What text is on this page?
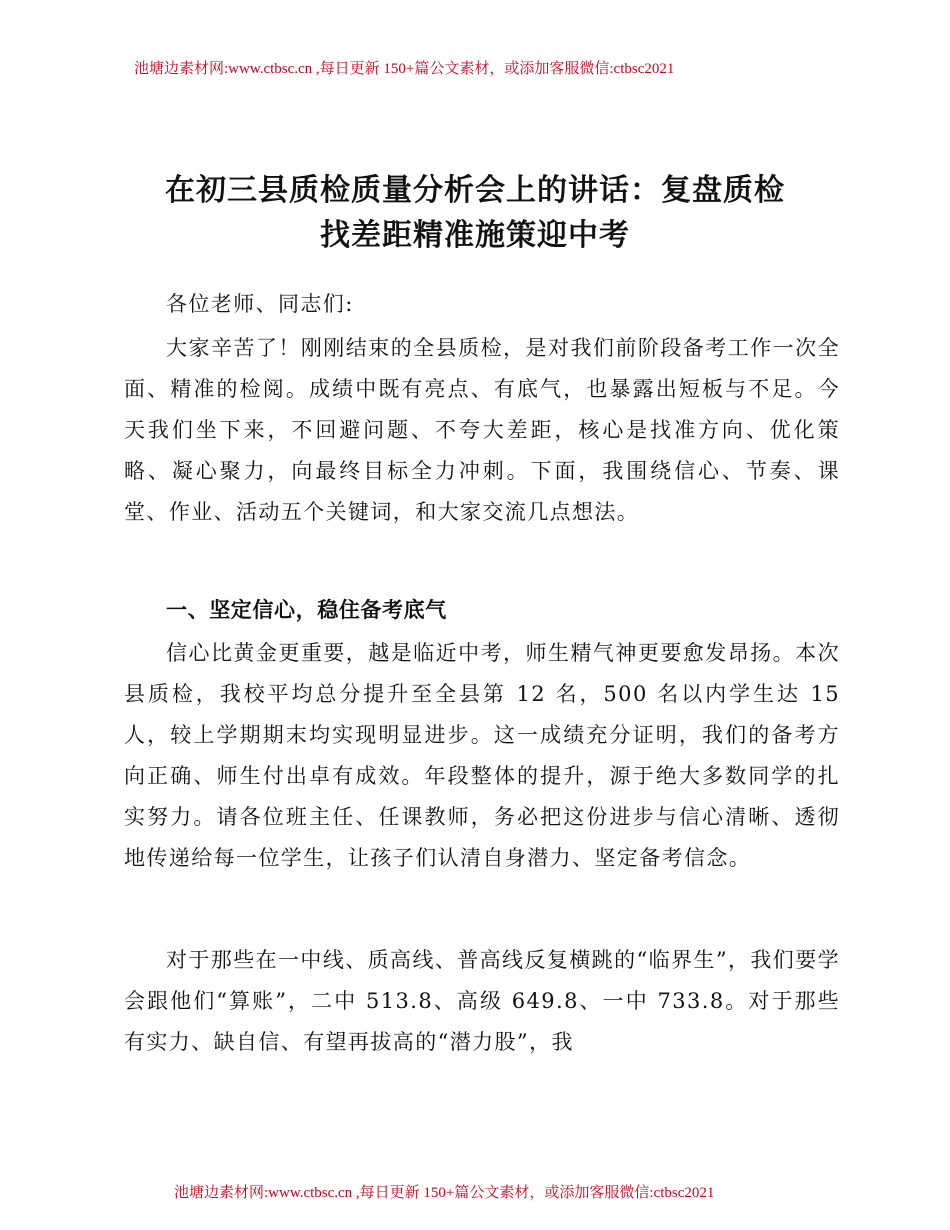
池塘边素材网:www.ctbsc.cn ,每日更新 150+篇公文素材，或添加客服微信:ctbsc2021
在初三县质检质量分析会上的讲话：复盘质检
找差距精准施策迎中考

各位老师、同志们:

大家辛苦了！刚刚结束的全县质检，是对我们前阶段备考工作一次全面、精准的检阅。成绩中既有亮点、有底气，也暴露出短板与不足。今天我们坐下来，不回避问题、不夸大差距，核心是找准方向、优化策略、凝心聚力，向最终目标全力冲刺。下面，我围绕信心、节奏、课堂、作业、活动五个关键词，和大家交流几点想法。

一、坚定信心，稳住备考底气

信心比黄金更重要，越是临近中考，师生精气神更要愈发昂扬。本次县质检，我校平均总分提升至全县第 12 名，500 名以内学生达 15 人，较上学期期末均实现明显进步。这一成绩充分证明，我们的备考方向正确、师生付出卓有成效。年段整体的提升，源于绝大多数同学的扎实努力。请各位班主任、任课教师，务必把这份进步与信心清晰、透彻地传递给每一位学生，让孩子们认清自身潜力、坚定备考信念。

对于那些在一中线、质高线、普高线反复横跳的“临界生”，我们要学会跟他们“算账”，二中 513.8、高级 649.8、一中 733.8。对于那些有实力、缺自信、有望再拔高的“潜力股”，我

池塘边素材网:www.ctbsc.cn ,每日更新 150+篇公文素材，或添加客服微信:ctbsc2021
